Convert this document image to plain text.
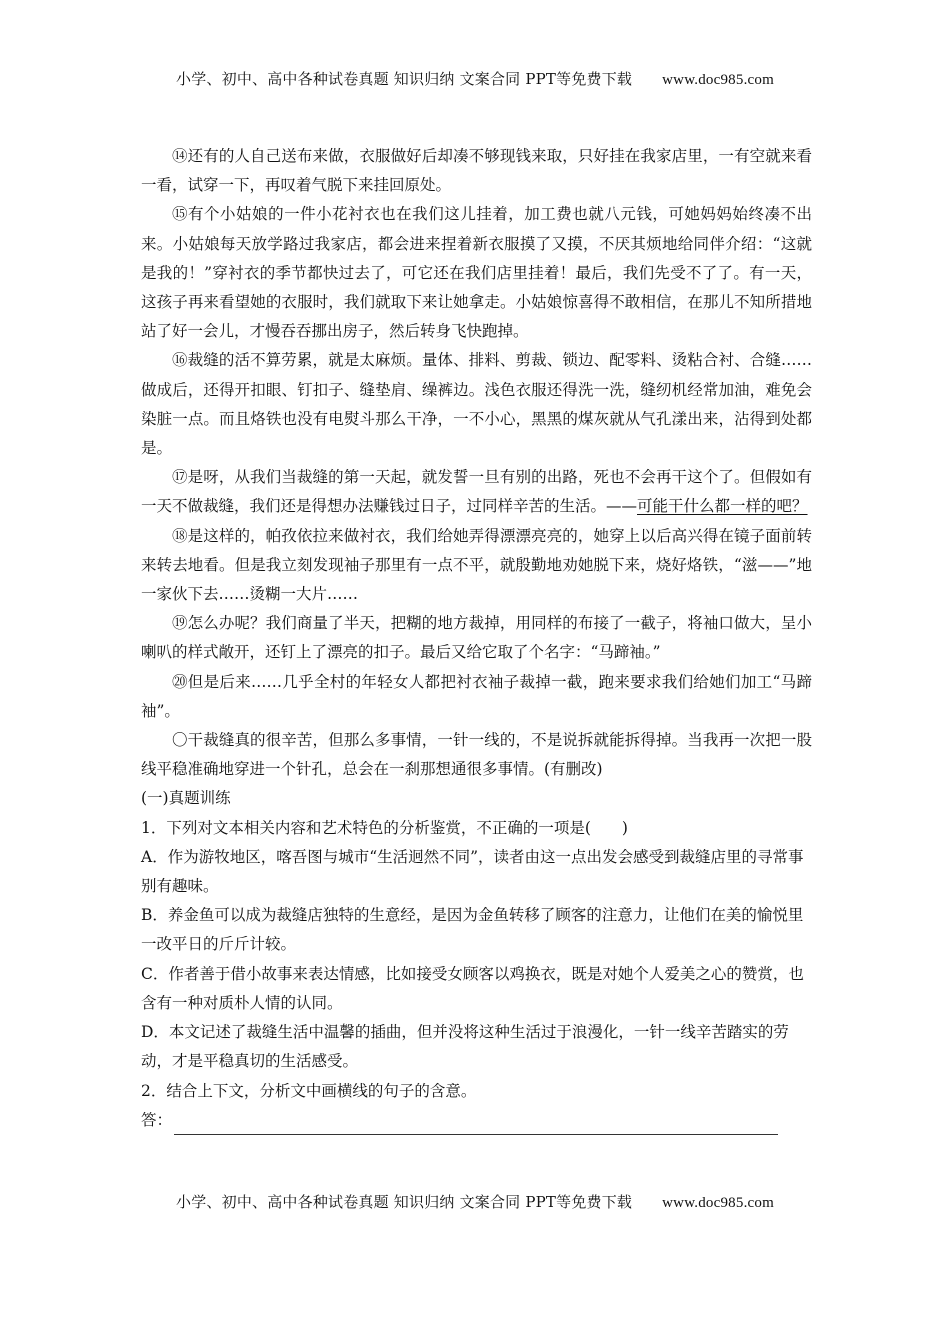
小学、初中、高中各种试卷真题 知识归纳 文案合同 PPT等免费下载 www.doc985.com

⑭还有的人自己送布来做，衣服做好后却凑不够现钱来取，只好挂在我家店里，一有空就来看一看，试穿一下，再叹着气脱下来挂回原处。

⑮有个小姑娘的一件小花衬衣也在我们这儿挂着，加工费也就八元钱，可她妈妈始终凑不出来。小姑娘每天放学路过我家店，都会进来捏着新衣服摸了又摸，不厌其烦地给同伴介绍：“这就是我的！”穿衬衣的季节都快过去了，可它还在我们店里挂着！最后，我们先受不了了。有一天，这孩子再来看望她的衣服时，我们就取下来让她拿走。小姑娘惊喜得不敢相信，在那儿不知所措地站了好一会儿，才慢吞吞挪出房子，然后转身飞快跑掉。

⑯裁缝的活不算劳累，就是太麻烦。量体、排料、剪裁、锁边、配零料、烫粘合衬、合缝……做成后，还得开扣眼、钉扣子、缝垫肩、缲裤边。浅色衣服还得洗一洗，缝纫机经常加油，难免会染脏一点。而且烙铁也没有电熨斗那么干净，一不小心，黑黑的煤灰就从气孔漾出来，沾得到处都是。

⑰是呀，从我们当裁缝的第一天起，就发誓一旦有别的出路，死也不会再干这个了。但假如有一天不做裁缝，我们还是得想办法赚钱过日子，过同样辛苦的生活。——可能干什么都一样的吧？

⑱是这样的，帕孜依拉来做衬衣，我们给她弄得漂漂亮亮的，她穿上以后高兴得在镜子面前转来转去地看。但是我立刻发现袖子那里有一点不平，就殷勤地劝她脱下来，烧好烙铁，“滋——”地一家伙下去……烫糊一大片……

⑲怎么办呢？我们商量了半天，把糊的地方裁掉，用同样的布接了一截子，将袖口做大，呈小喇叭的样式敞开，还钉上了漂亮的扣子。最后又给它取了个名字：“马蹄袖。”

⑳但是后来……几乎全村的年轻女人都把衬衣袖子裁掉一截，跑来要求我们给她们加工“马蹄袖”。

〇干裁缝真的很辛苦，但那么多事情，一针一线的，不是说拆就能拆得掉。当我再一次把一股线平稳准确地穿进一个针孔，总会在一刹那想通很多事情。(有删改)

(一)真题训练

1．下列对文本相关内容和艺术特色的分析鉴赏，不正确的一项是(　　)

A．作为游牧地区，喀吾图与城市“生活迥然不同”，读者由这一点出发会感受到裁缝店里的寻常事别有趣味。

B．养金鱼可以成为裁缝店独特的生意经，是因为金鱼转移了顾客的注意力，让他们在美的愉悦里一改平日的斤斤计较。

C．作者善于借小故事来表达情感，比如接受女顾客以鸡换衣，既是对她个人爱美之心的赞赏，也含有一种对质朴人情的认同。

D．本文记述了裁缝生活中温馨的插曲，但并没将这种生活过于浪漫化，一针一线辛苦踏实的劳动，才是平稳真切的生活感受。

2．结合上下文，分析文中画横线的句子的含意。

答：

小学、初中、高中各种试卷真题 知识归纳 文案合同 PPT等免费下载 www.doc985.com
